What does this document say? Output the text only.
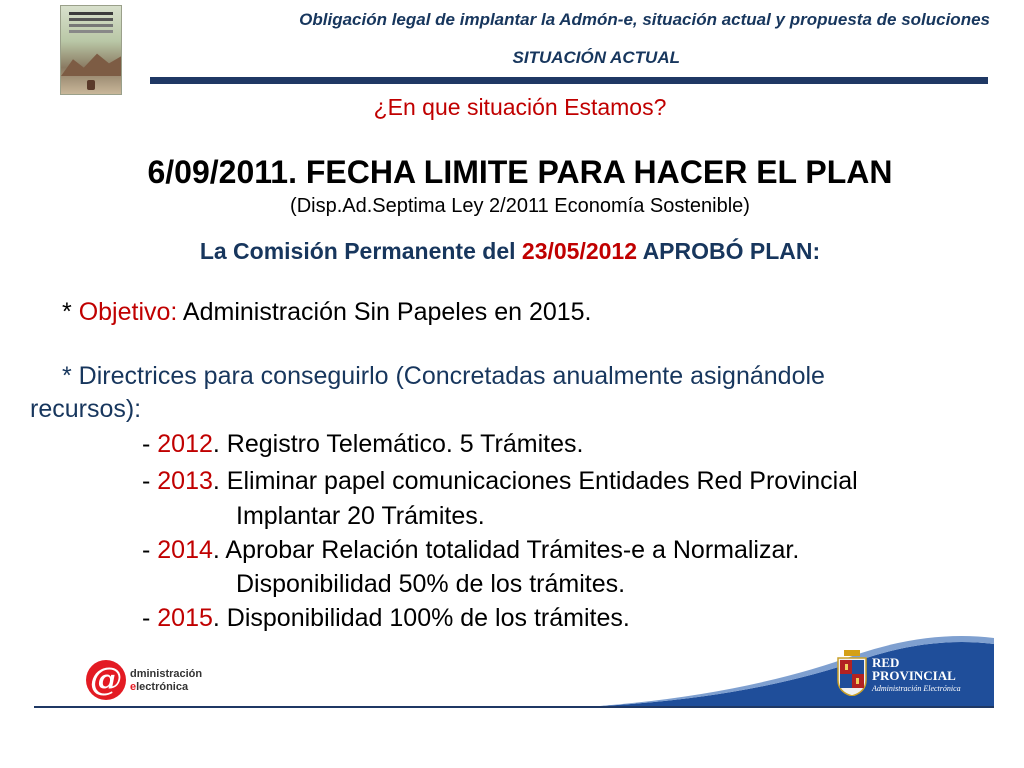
Obligación legal de implantar la Admón-e, situación actual y propuesta de soluciones
SITUACIÓN ACTUAL
¿En que situación Estamos?
6/09/2011. FECHA LIMITE PARA HACER EL PLAN
(Disp.Ad.Septima Ley 2/2011 Economía Sostenible)
La Comisión Permanente del 23/05/2012 APROBÓ PLAN:
* Objetivo: Administración Sin Papeles en 2015.
* Directrices para conseguirlo (Concretadas anualmente asignándole
recursos):
- 2012. Registro Telemático. 5 Trámites.
- 2013. Eliminar papel comunicaciones Entidades Red Provincial
Implantar 20 Trámites.
- 2014. Aprobar Relación totalidad Trámites-e a Normalizar.
Disponibilidad 50% de los trámites.
- 2015. Disponibilidad 100% de los trámites.
@ dministración
electrónica
RED
PROVINCIAL
Administración Electrónica
